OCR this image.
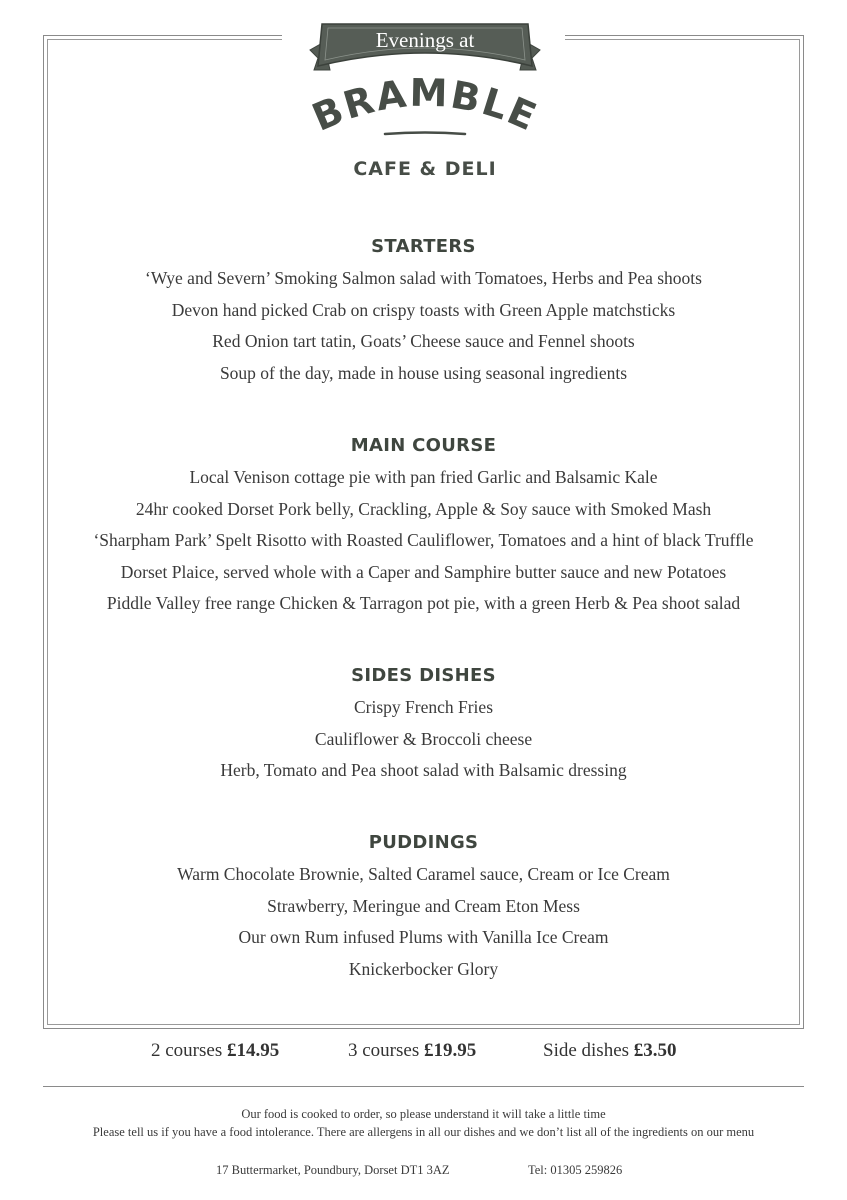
Evenings at
BRAMBLE
CAFE & DELI
STARTERS
‘Wye and Severn’ Smoking Salmon salad with Tomatoes, Herbs and Pea shoots
Devon hand picked Crab on crispy toasts with Green Apple matchsticks
Red Onion tart tatin, Goats’ Cheese sauce and Fennel shoots
Soup of the day, made in house using seasonal ingredients
MAIN COURSE
Local Venison cottage pie with pan fried Garlic and Balsamic Kale
24hr cooked Dorset Pork belly, Crackling, Apple & Soy sauce with Smoked Mash
‘Sharpham Park’ Spelt Risotto with Roasted Cauliflower, Tomatoes and a hint of black Truffle
Dorset Plaice, served whole with a Caper and Samphire butter sauce and new Potatoes
Piddle Valley free range Chicken & Tarragon pot pie, with a green Herb & Pea shoot salad
SIDES DISHES
Crispy French Fries
Cauliflower & Broccoli cheese
Herb, Tomato and Pea shoot salad with Balsamic dressing
PUDDINGS
Warm Chocolate Brownie, Salted Caramel sauce, Cream or Ice Cream
Strawberry, Meringue and Cream Eton Mess
Our own Rum infused Plums with Vanilla Ice Cream
Knickerbocker Glory
2 courses £14.95	3 courses £19.95	Side dishes £3.50
Our food is cooked to order, so please understand it will take a little time
Please tell us if you have a food intolerance. There are allergens in all our dishes and we don’t list all of the ingredients on our menu
17 Buttermarket, Poundbury, Dorset DT1 3AZ	Tel: 01305 259826
